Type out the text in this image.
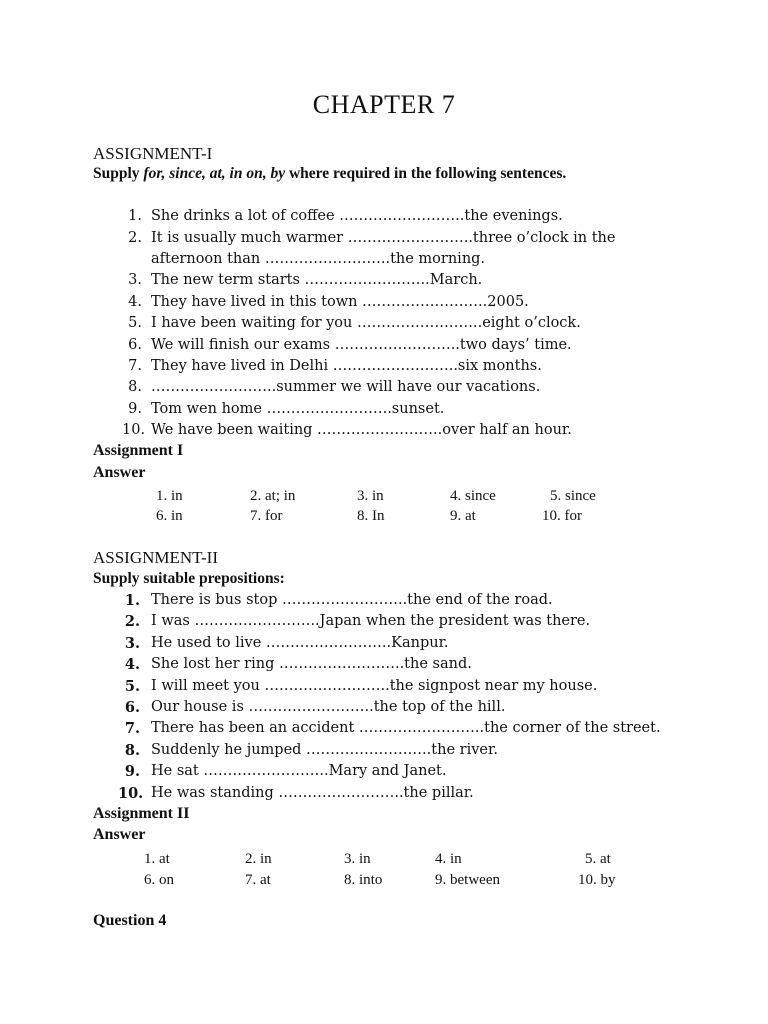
CHAPTER 7
ASSIGNMENT-I
Supply for, since, at, in on, by where required in the following sentences.
1. She drinks a lot of coffee ……………………..the evenings.
2. It is usually much warmer ……………………..three o’clock in the
afternoon than ……………………..the morning.
3. The new term starts ……………………..March.
4. They have lived in this town ……………………..2005.
5. I have been waiting for you ……………………..eight o’clock.
6. We will finish our exams ……………………..two days’ time.
7. They have lived in Delhi ……………………..six months.
8. ……………………..summer we will have our vacations.
9. Tom wen home ……………………..sunset.
10. We have been waiting ……………………..over half an hour.
Assignment I
Answer
1. in	2. at; in	3. in	4. since	5. since
6. in	7. for	8. In	9. at	10. for
ASSIGNMENT-II
Supply suitable prepositions:
1. There is bus stop ……………………..the end of the road.
2. I was ……………………..Japan when the president was there.
3. He used to live ……………………..Kanpur.
4. She lost her ring ……………………..the sand.
5. I will meet you ……………………..the signpost near my house.
6. Our house is ……………………..the top of the hill.
7. There has been an accident ……………………..the corner of the street.
8. Suddenly he jumped ……………………..the river.
9. He sat ……………………..Mary and Janet.
10. He was standing ……………………..the pillar.
Assignment II
Answer
1. at	2. in	3. in	4. in	5. at
6. on	7. at	8. into	9. between	10. by
Question 4
